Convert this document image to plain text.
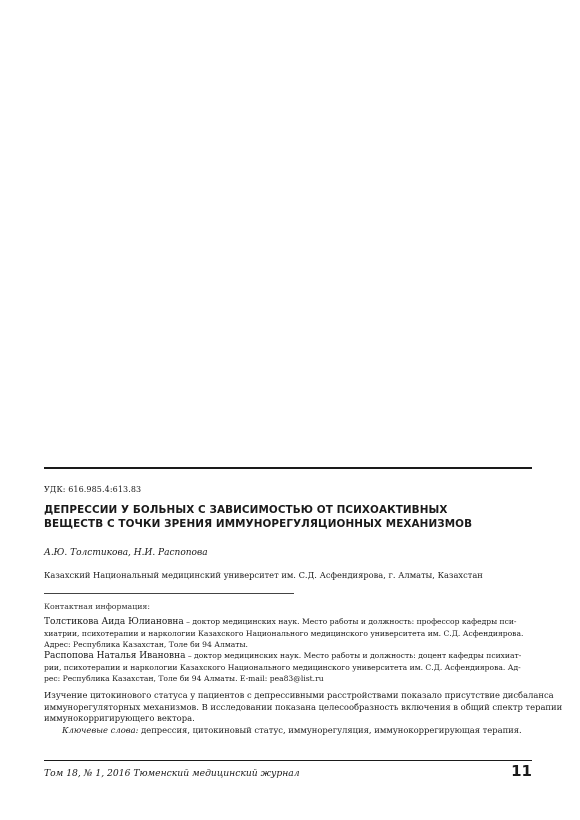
УДК: 616.985.4:613.83
ДЕПРЕССИИ У БОЛЬНЫХ С ЗАВИСИМОСТЬЮ ОТ ПСИХОАКТИВНЫХ
ВЕЩЕСТВ С ТОЧКИ ЗРЕНИЯ ИММУНОРЕГУЛЯЦИОННЫХ МЕХАНИЗМОВ
А.Ю. Толстикова, Н.И. Распопова
Казахский Национальный медицинский университет им. С.Д. Асфендиярова, г. Алматы, Казахстан
Контактная информация:
Толстикова Аида Юлиановна – доктор медицинских наук. Место работы и должность: профессор кафедры пси-
хиатрии, психотерапии и наркологии Казахского Национального медицинского университета им. С.Д. Асфендиярова.
Адрес: Республика Казахстан, Толе би 94 Алматы.
Распопова Наталья Ивановна – доктор медицинских наук. Место работы и должность: доцент кафедры психиат-
рии, психотерапии и наркологии Казахского Национального медицинского университета им. С.Д. Асфендиярова. Ад-
рес: Республика Казахстан, Толе би 94 Алматы. E-mail: pea83@list.ru
Изучение цитокинового статуса у пациентов с депрессивными расстройствами показало присутствие дисбаланса
иммунорегуляторных механизмов. В исследовании показана целесообразность включения в общий спектр терапии
иммунокорригирующего вектора.
Ключевые слова: депрессия, цитокиновый статус, иммунорегуляция, иммунокоррегирующая терапия.
Том 18, № 1, 2016 Тюменский медицинский журнал	11
